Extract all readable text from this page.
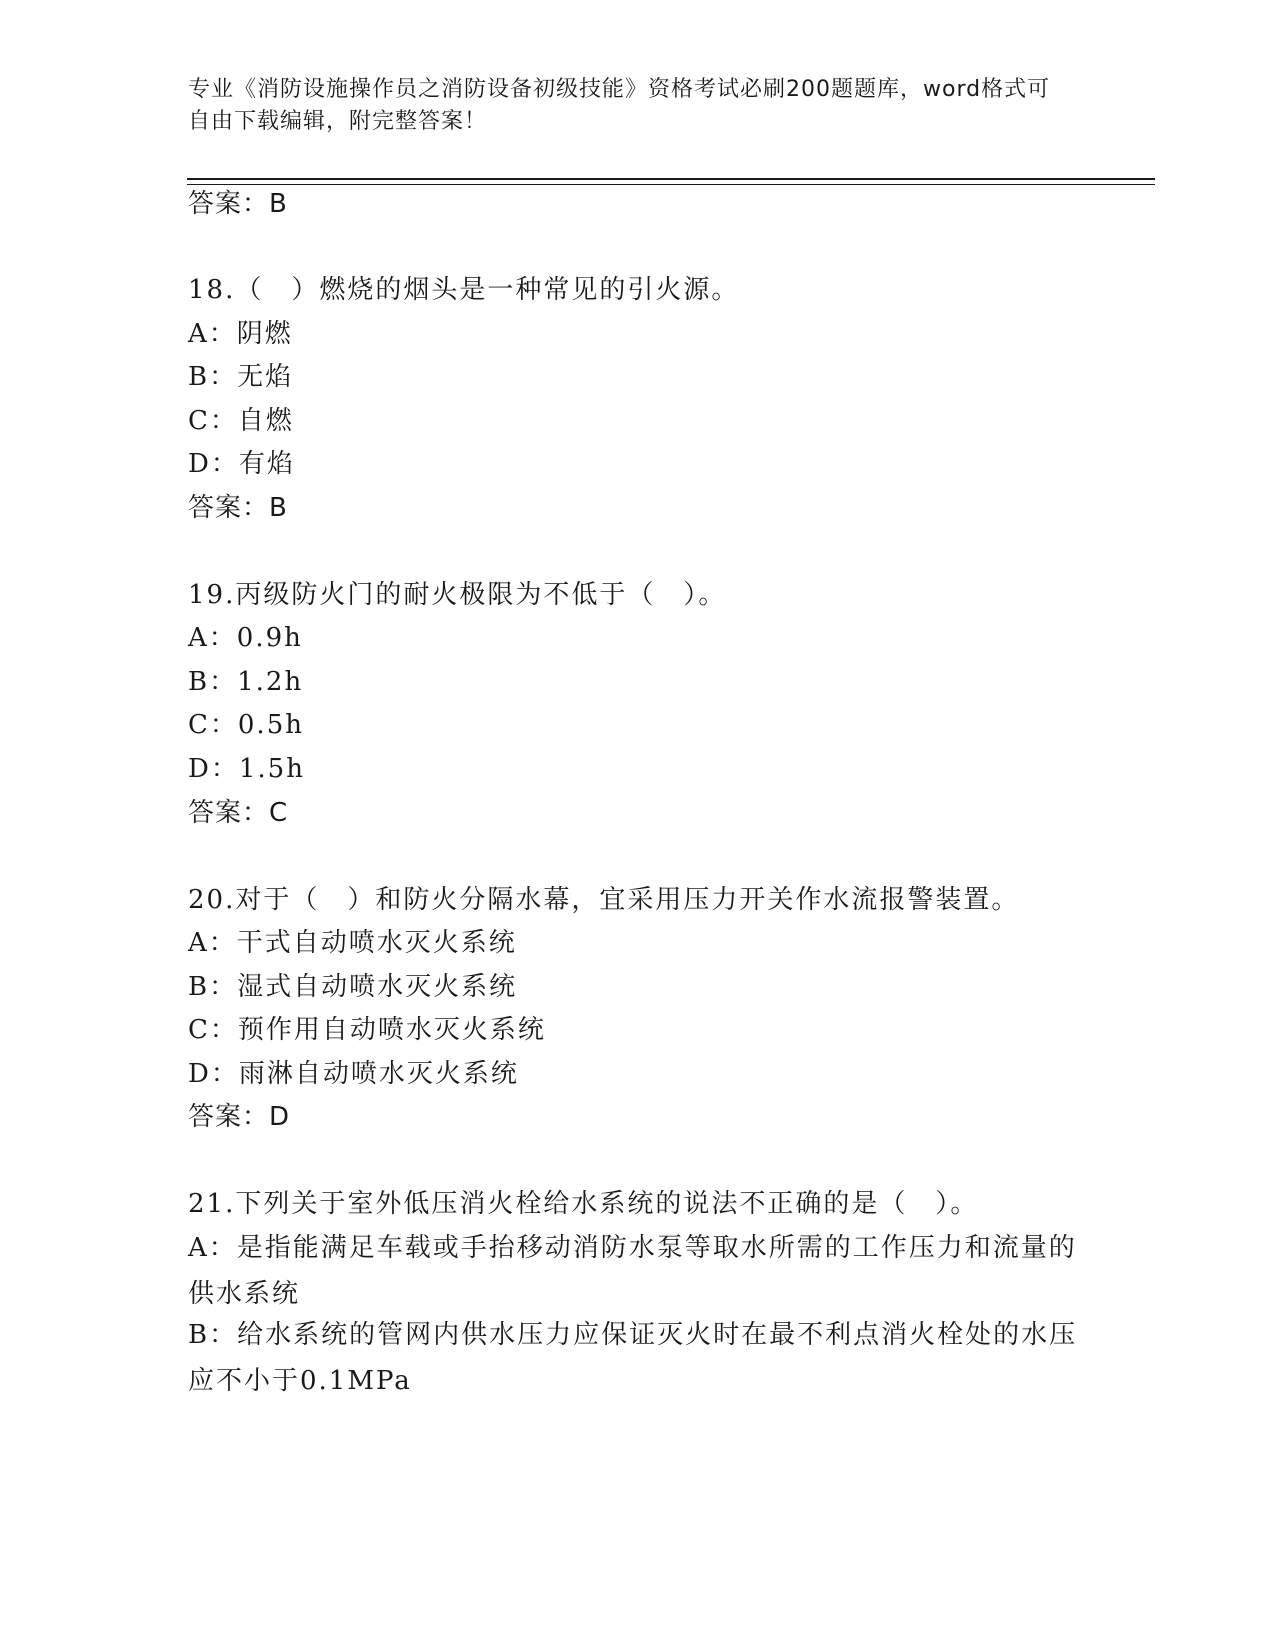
专业《消防设施操作员之消防设备初级技能》资格考试必刷200题题库，word格式可自由下载编辑，附完整答案！
答案：B
18.（　）燃烧的烟头是一种常见的引火源。
A：阴燃
B：无焰
C：自燃
D：有焰
答案：B
19.丙级防火门的耐火极限为不低于（　）。
A：0.9h
B：1.2h
C：0.5h
D：1.5h
答案：C
20.对于（　）和防火分隔水幕，宜采用压力开关作水流报警装置。
A：干式自动喷水灭火系统
B：湿式自动喷水灭火系统
C：预作用自动喷水灭火系统
D：雨淋自动喷水灭火系统
答案：D
21.下列关于室外低压消火栓给水系统的说法不正确的是（　）。
A：是指能满足车载或手抬移动消防水泵等取水所需的工作压力和流量的供水系统
B：给水系统的管网内供水压力应保证灭火时在最不利点消火栓处的水压应不小于0.1MPa
